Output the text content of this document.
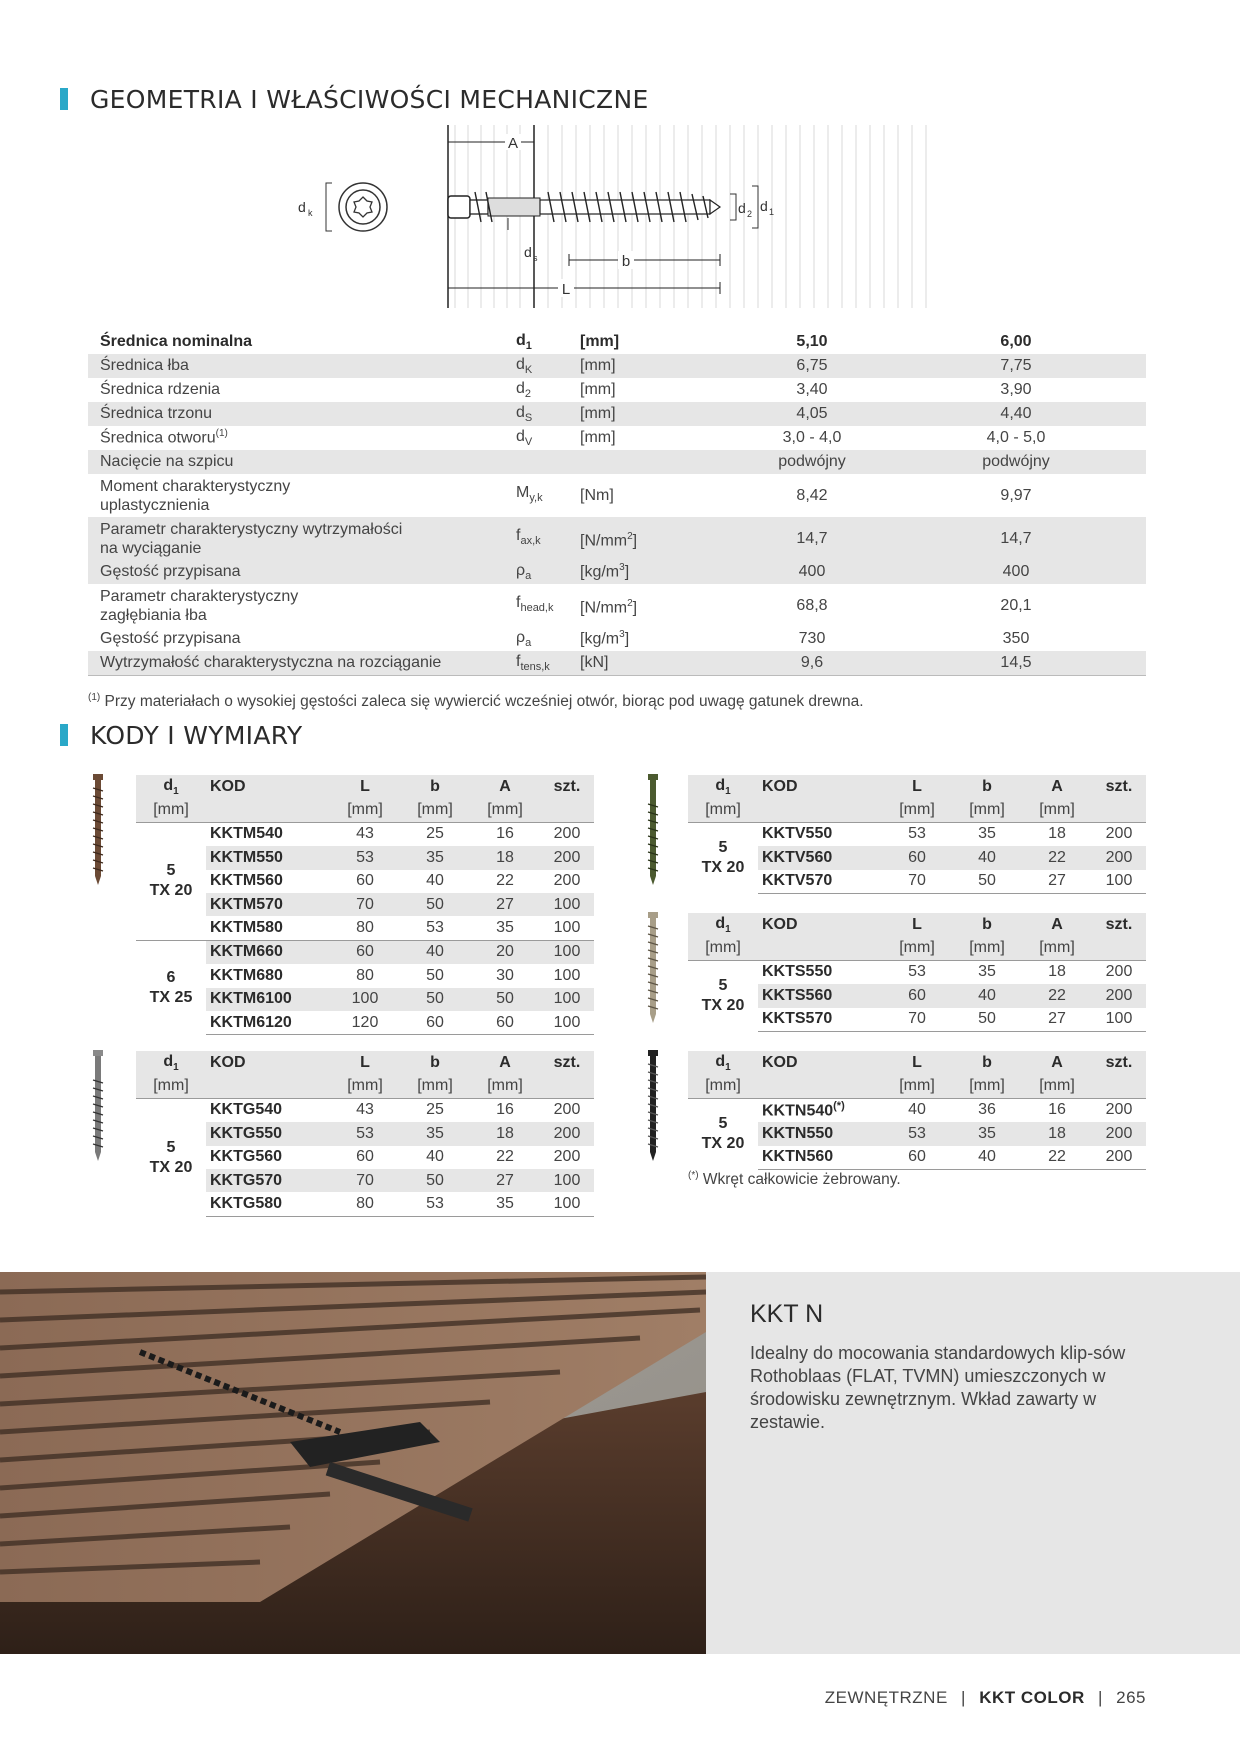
GEOMETRIA I WŁAŚCIWOŚCI MECHANICZNE
A
d k	d 2 d 1
d s	b
L
Średnica nominalna	$d_1$	[mm]	5,10	6,00
Średnica łba	$d_K$	[mm]	6,75	7,75
Średnica rdzenia	$d_2$	[mm]	3,40	3,90
Średnica trzonu	$d_S$	[mm]	4,05	4,40
Średnica otworu$^{(1)}$	$d_V$	[mm]	3,0 - 4,0	4,0 - 5,0
Nacięcie na szpicu			podwójny	podwójny
Moment charakterystyczny uplastycznienia	$M_{y,k}$	[Nm]	8,42	9,97
Parametr charakterystyczny wytrzymałości na wyciąganie	$f_{ax,k}$	$[N/mm^2]$	14,7	14,7
Gęstość przypisana	$\rho_a$	$[kg/m^3]$	400	400
Parametr charakterystyczny zagłębiania łba	$f_{head,k}$	$[N/mm^2]$	68,8	20,1
Gęstość przypisana	$\rho_a$	$[kg/m^3]$	730	350
Wytrzymałość charakterystyczna na rozciąganie	$f_{tens,k}$	[kN]	9,6	14,5
$^{(1)}$ Przy materiałach o wysokiej gęstości zaleca się wywiercić wcześniej otwór, biorąc pod uwagę gatunek drewna.
KODY I WYMIARY
$d_1$	KOD	L	b	A	szt.
[mm]		[mm]	[mm]	[mm]	
5
TX 20	KKTM540	43	25	16	200
	KKTM550	53	35	18	200
	KKTM560	60	40	22	200
	KKTM570	70	50	27	100
	KKTM580	80	53	35	100
6
TX 25	KKTM660	60	40	20	100
	KKTM680	80	50	30	100
	KKTM6100	100	50	50	100
	KKTM6120	120	60	60	100
$d_1$	KOD	L	b	A	szt.
[mm]		[mm]	[mm]	[mm]	
5
TX 20	KKTG540	43	25	16	200
	KKTG550	53	35	18	200
	KKTG560	60	40	22	200
	KKTG570	70	50	27	100
	KKTG580	80	53	35	100
$d_1$	KOD	L	b	A	szt.
[mm]		[mm]	[mm]	[mm]	
5
TX 20	KKTV550	53	35	18	200
	KKTV560	60	40	22	200
	KKTV570	70	50	27	100
$d_1$	KOD	L	b	A	szt.
[mm]		[mm]	[mm]	[mm]	
5
TX 20	KKTS550	53	35	18	200
	KKTS560	60	40	22	200
	KKTS570	70	50	27	100
$d_1$	KOD	L	b	A	szt.
[mm]		[mm]	[mm]	[mm]	
5
TX 20	KKTN540(*)	40	36	16	200
	KKTN550	53	35	18	200
	KKTN560	60	40	22	200
(*) Wkręt całkowicie żebrowany.
KKT N
Idealny do mocowania standardowych klip-sów Rothoblaas (FLAT, TVMN) umieszczonych w środowisku zewnętrznym. Wkład zawarty w zestawie.
ZEWNĘTRZNE | KKT COLOR | 265
